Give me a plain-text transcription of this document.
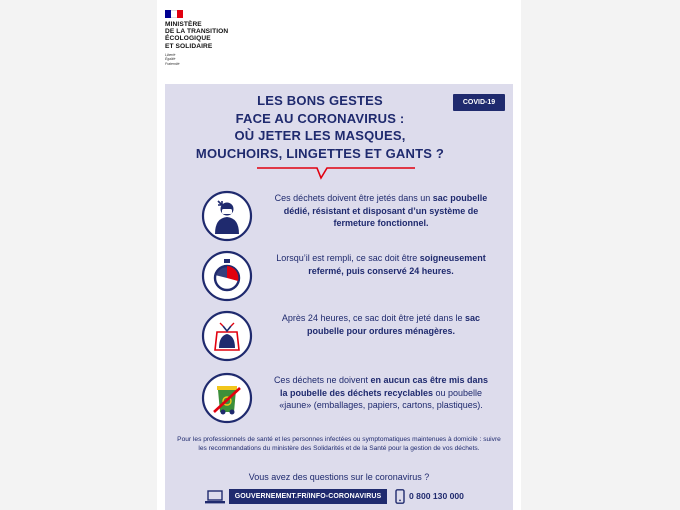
MINISTÈRE
DE LA TRANSITION
ÉCOLOGIQUE
ET SOLIDAIRE
Liberté
Égalité
Fraternité
COVID-19
LES BONS GESTES
FACE AU CORONAVIRUS :
OÙ JETER LES MASQUES,
MOUCHOIRS, LINGETTES ET GANTS ?
Ces déchets doivent être jetés dans un sac poubelle dédié, résistant et disposant d’un système de fermeture fonctionnel.
Lorsqu’il est rempli, ce sac doit être soigneusement refermé, puis conservé 24 heures.
Après 24 heures, ce sac doit être jeté dans le sac poubelle pour ordures ménagères.
Ces déchets ne doivent en aucun cas être mis dans la poubelle des déchets recyclables ou poubelle «jaune» (emballages, papiers, cartons, plastiques).
Pour les professionnels de santé et les personnes infectées ou symptomatiques maintenues à domicile : suivre les recommandations du ministère des Solidarités et de la Santé pour la gestion de vos déchets.
Vous avez des questions sur le coronavirus ?
GOUVERNEMENT.FR/INFO-CORONAVIRUS	0 800 130 000
